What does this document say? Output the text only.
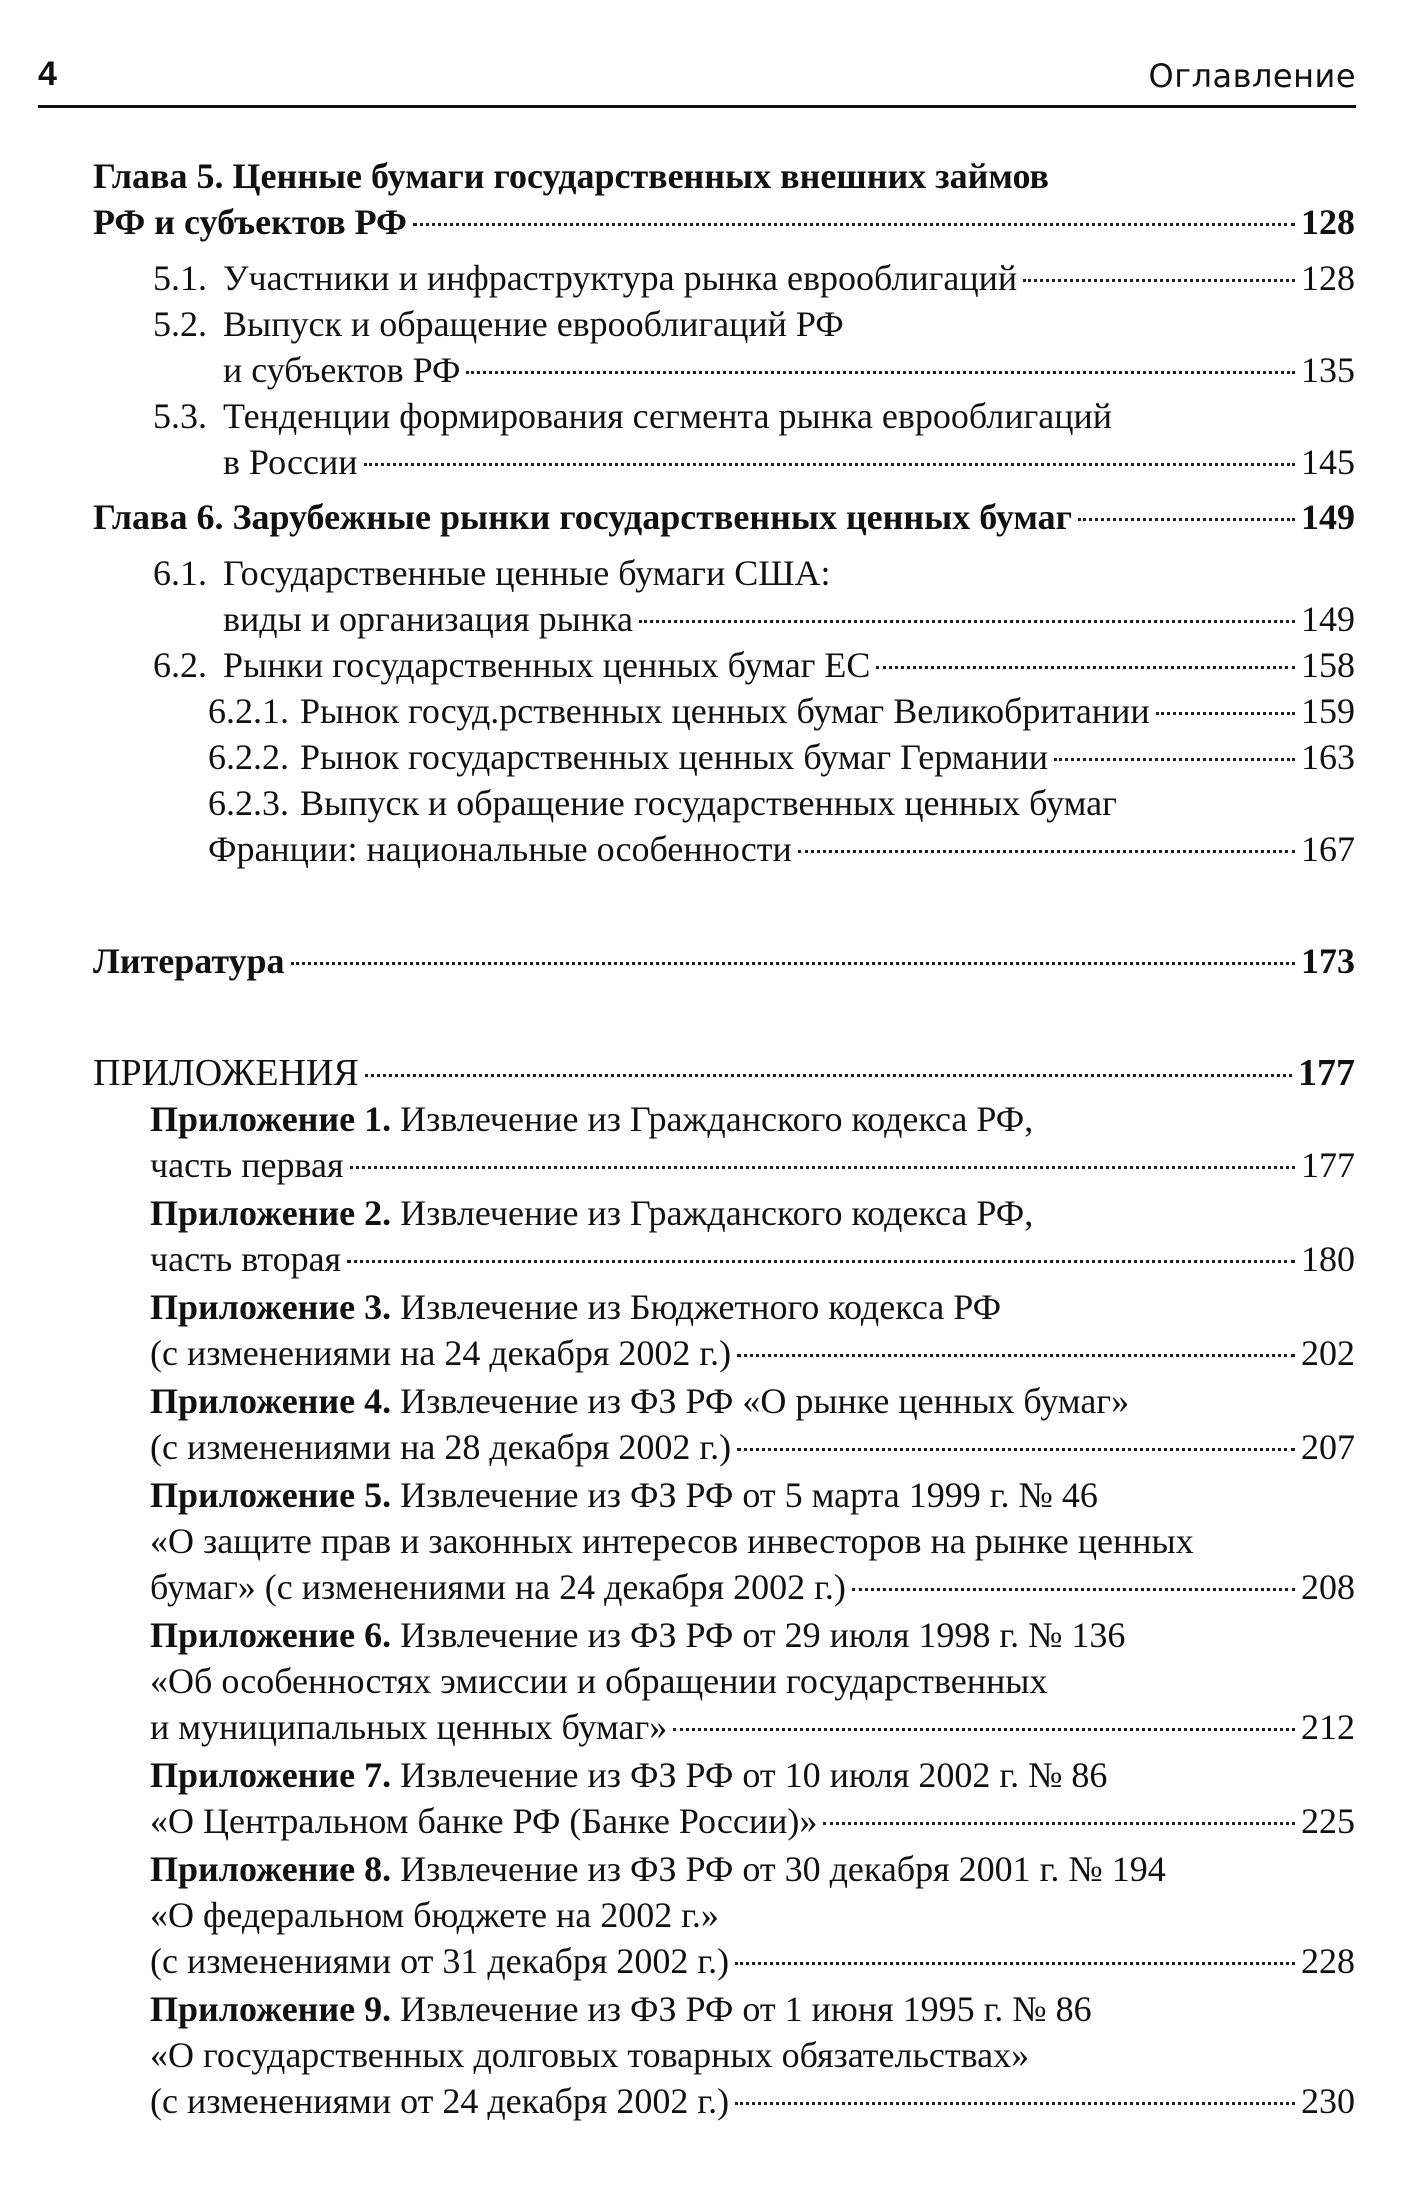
4	Оглавление
Глава 5. Ценные бумаги государственных внешних займов
РФ и субъектов РФ	128
5.1. Участники и инфраструктура рынка еврооблигаций	128
5.2. Выпуск и обращение еврооблигаций РФ
и субъектов РФ	135
5.3. Тенденции формирования сегмента рынка еврооблигаций
в России	145
Глава 6. Зарубежные рынки государственных ценных бумаг	149
6.1. Государственные ценные бумаги США:
виды и организация рынка	149
6.2. Рынки государственных ценных бумаг ЕС	158
6.2.1. Рынок госуд.рственных ценных бумаг Великобритании	159
6.2.2. Рынок государственных ценных бумаг Германии	163
6.2.3. Выпуск и обращение государственных ценных бумаг
Франции: национальные особенности	167
Литература	173
ПРИЛОЖЕНИЯ	177
Приложение 1.
Извлечение из Гражданского кодекса РФ,
часть первая	177
Приложение 2.
Извлечение из Гражданского кодекса РФ,
часть вторая	180
Приложение 3.
Извлечение из Бюджетного кодекса РФ
(с изменениями на 24 декабря 2002 г.)	202
Приложение 4.
Извлечение из ФЗ РФ «О рынке ценных бумаг»
(с изменениями на 28 декабря 2002 г.)	207
Приложение 5.
Извлечение из ФЗ РФ от 5 марта 1999 г. № 46
«О защите прав и законных интересов инвесторов на рынке ценных
бумаг» (с изменениями на 24 декабря 2002 г.)	208
Приложение 6.
Извлечение из ФЗ РФ от 29 июля 1998 г. № 136
«Об особенностях эмиссии и обращении государственных
и муниципальных ценных бумаг»	212
Приложение 7.
Извлечение из ФЗ РФ от 10 июля 2002 г. № 86
«О Центральном банке РФ (Банке России)»	225
Приложение 8.
Извлечение из ФЗ РФ от 30 декабря 2001 г. № 194
«О федеральном бюджете на 2002 г.»
(с изменениями от 31 декабря 2002 г.)	228
Приложение 9.
Извлечение из ФЗ РФ от 1 июня 1995 г. № 86
«О государственных долговых товарных обязательствах»
(с изменениями от 24 декабря 2002 г.)	230
